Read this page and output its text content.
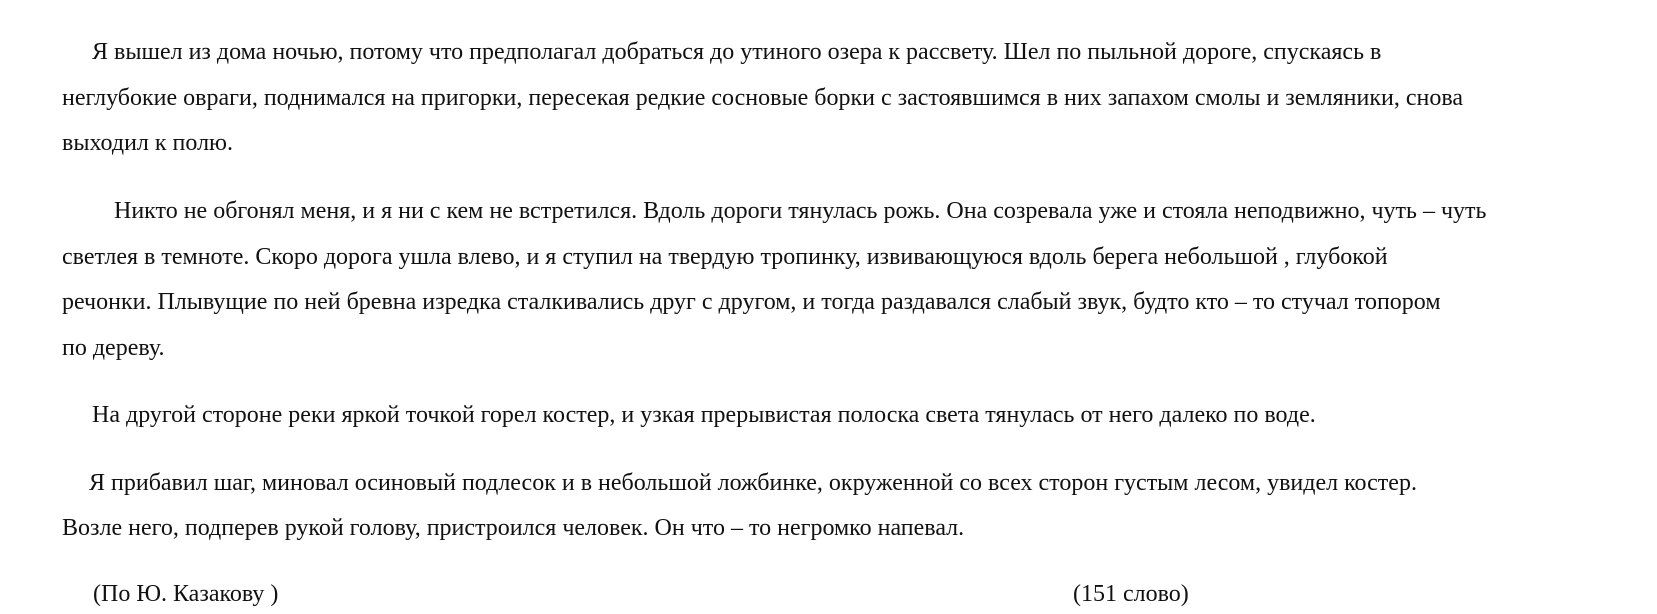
Я вышел из дома ночью, потому что предполагал добраться до утиного озера к рассвету. Шел по пыльной дороге, спускаясь в
неглубокие овраги, поднимался на пригорки, пересекая редкие сосновые борки с застоявшимся в них запахом смолы и земляники, снова
выходил к полю.

Никто не обгонял меня, и я ни с кем не встретился. Вдоль дороги тянулась рожь. Она созревала уже и стояла неподвижно, чуть – чуть
светлея в темноте. Скоро дорога ушла влево, и я ступил на твердую тропинку, извивающуюся вдоль берега небольшой , глубокой
речонки. Плывущие по ней бревна изредка сталкивались друг с другом, и тогда раздавался слабый звук, будто кто – то стучал топором
по дереву.

На другой стороне реки яркой точкой горел костер, и узкая прерывистая полоска света тянулась от него далеко по воде.

Я прибавил шаг, миновал осиновый подлесок и в небольшой ложбинке, окруженной со всех сторон густым лесом, увидел костер.
Возле него, подперев рукой голову, пристроился человек. Он что – то негромко напевал.

(По Ю. Казакову )	(151 слово)
